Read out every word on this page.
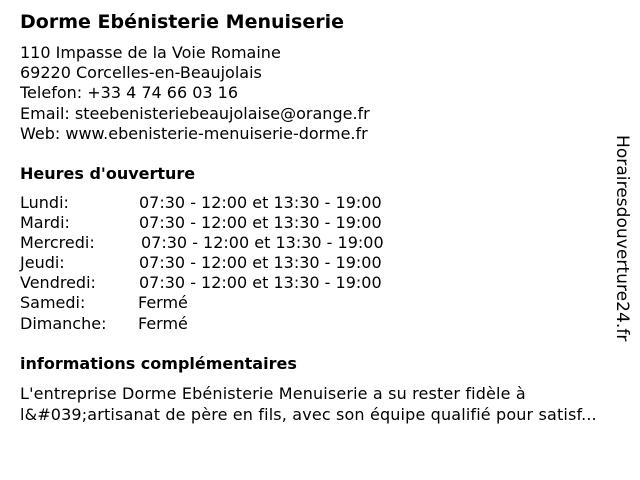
Dorme Ebénisterie Menuiserie
110 Impasse de la Voie Romaine
69220 Corcelles-en-Beaujolais
Telefon: +33 4 74 66 03 16
Email: steebenisteriebeaujolaise@orange.fr
Web: www.ebenisterie-menuiserie-dorme.fr
Heures d'ouverture
Lundi:	07:30 - 12:00 et 13:30 - 19:00
Mardi:	07:30 - 12:00 et 13:30 - 19:00
Mercredi:	07:30 - 12:00 et 13:30 - 19:00
Jeudi:	07:30 - 12:00 et 13:30 - 19:00
Vendredi:	07:30 - 12:00 et 13:30 - 19:00
Samedi:	Fermé
Dimanche: Fermé
informations complémentaires
L'entreprise Dorme Ebénisterie Menuiserie a su rester fidèle à l&#039;artisanat de père en fils, avec son équipe qualifié pour satisf...
Horairesdouverture24.fr
